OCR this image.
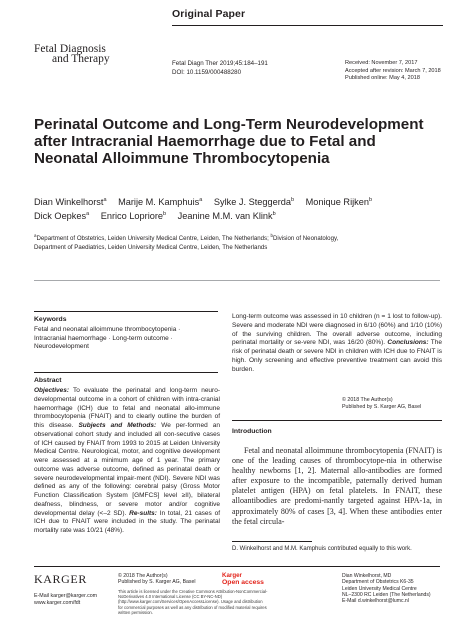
Original Paper
Fetal Diagnosis
and Therapy	Fetal Diagn Ther 2019;45:184–191
DOI: 10.1159/000488280
Received: November 7, 2017
Accepted after revision: March 7, 2018
Published online: May 4, 2018
Perinatal Outcome and Long-Term Neurodevelopment after Intracranial Haemorrhage due to Fetal and Neonatal Alloimmune Thrombocytopenia
Dian Winkelhorst$^a$ Marije M. Kamphuis$^a$ Sylke J. Steggerda$^b$ Monique Rijken$^b$
Dick Oepkes$^a$ Enrico Lopriore$^b$ Jeanine M.M. van Klink$^b$
$^a$Department of Obstetrics, Leiden University Medical Centre, Leiden, The Netherlands; $^b$Division of Neonatology,
Department of Paediatrics, Leiden University Medical Centre, Leiden, The Netherlands
Keywords
Fetal and neonatal alloimmune thrombocytopenia ·
Intracranial haemorrhage · Long-term outcome ·
Neurodevelopment
Abstract
Objectives: To evaluate the perinatal and long-term neuro-developmental outcome in a cohort of children with intra-cranial haemorrhage (ICH) due to fetal and neonatal allo-immune thrombocytopenia (FNAIT) and to clearly outline the burden of this disease. Subjects and Methods: We per-formed an observational cohort study and included all con-secutive cases of ICH caused by FNAIT from 1993 to 2015 at Leiden University Medical Centre. Neurological, motor, and cognitive development were assessed at a minimum age of 1 year. The primary outcome was adverse outcome, defined as perinatal death or severe neurodevelopmental impair-ment (NDI). Severe NDI was defined as any of the following: cerebral palsy (Gross Motor Function Classification System [GMFCS] level ≥II), bilateral deafness, blindness, or severe motor and/or cognitive developmental delay (<–2 SD). Re-sults: In total, 21 cases of ICH due to FNAIT were included in the study. The perinatal mortality rate was 10/21 (48%).
Long-term outcome was assessed in 10 children (n = 1 lost to follow-up). Severe and moderate NDI were diagnosed in 6/10 (60%) and 1/10 (10%) of the surviving children. The overall adverse outcome, including perinatal mortality or se-vere NDI, was 16/20 (80%). Conclusions: The risk of perinatal death or severe NDI in children with ICH due to FNAIT is high. Only screening and effective preventive treatment can avoid this burden.
© 2018 The Author(s)
Published by S. Karger AG, Basel
Introduction
Fetal and neonatal alloimmune thrombocytopenia (FNAIT) is one of the leading causes of thrombocytope-nia in otherwise healthy newborns [1, 2]. Maternal allo-antibodies are formed after exposure to the incompatible, paternally derived human platelet antigen (HPA) on fetal platelets. In FNAIT, these alloantibodies are predomi-nantly targeted against HPA-1a, in approximately 80% of cases [3, 4]. When these antibodies enter the fetal circula-
D. Winkelhorst and M.M. Kamphuis contributed equally to this work.
KARGER
E-Mail karger@karger.com
www.karger.com/fdt
© 2018 The Author(s)
Published by S. Karger AG, Basel
This article is licensed under the Creative Commons Attribution-NonCommercial-NoDerivatives 4.0 International License (CC BY-NC-ND) (http://www.karger.com/Services/OpenAccessLicense). Usage and distribution for commercial purposes as well as any distribution of modified material requires written permission.
Karger
Open access
Dian Winkelhorst, MD
Department of Obstetrics K6-35
Leiden University Medical Centre
NL–2300 RC Leiden (The Netherlands)
E-Mail d.winkelhorst@lumc.nl
